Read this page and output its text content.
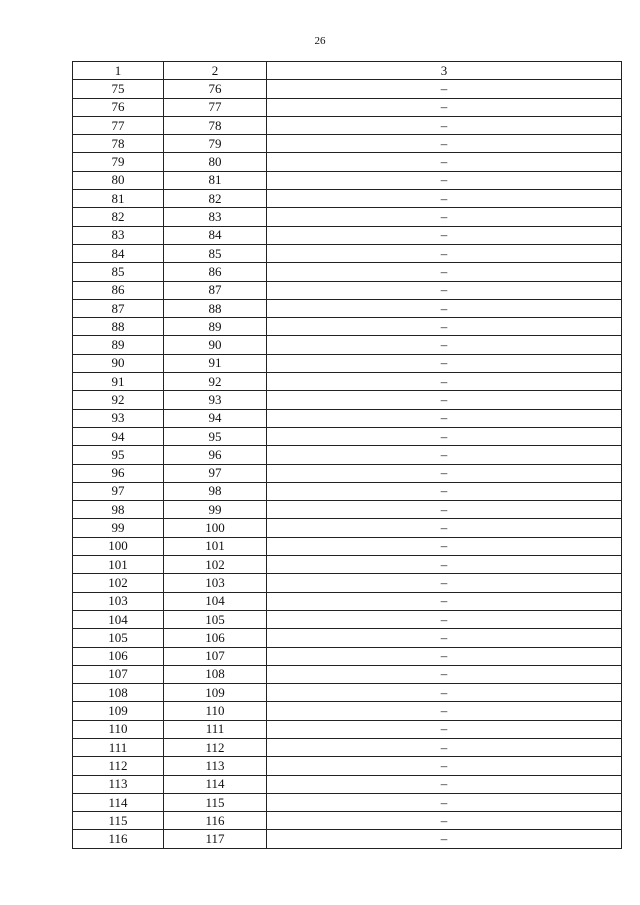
26
1	2	3
75	76	–
76	77	–
77	78	–
78	79	–
79	80	–
80	81	–
81	82	–
82	83	–
83	84	–
84	85	–
85	86	–
86	87	–
87	88	–
88	89	–
89	90	–
90	91	–
91	92	–
92	93	–
93	94	–
94	95	–
95	96	–
96	97	–
97	98	–
98	99	–
99	100	–
100	101	–
101	102	–
102	103	–
103	104	–
104	105	–
105	106	–
106	107	–
107	108	–
108	109	–
109	110	–
110	111	–
111	112	–
112	113	–
113	114	–
114	115	–
115	116	–
116	117	–
